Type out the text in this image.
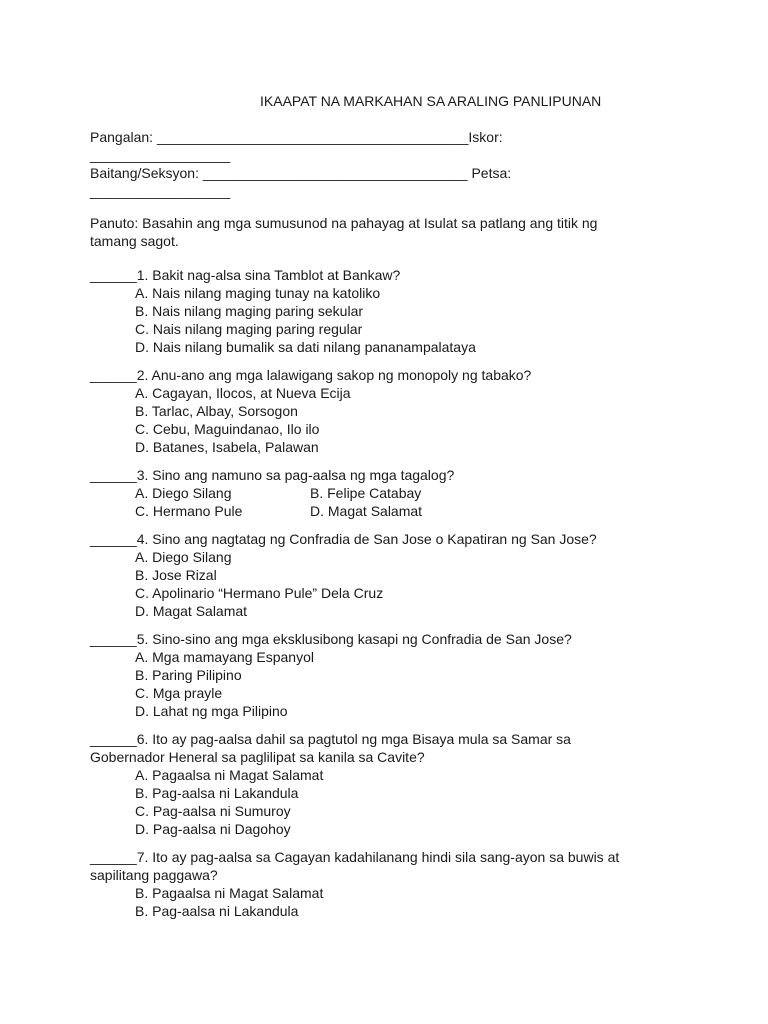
IKAAPAT NA MARKAHAN SA ARALING PANLIPUNAN
Pangalan: ________________________________________Iskor:
__________________
Baitang/Seksyon: __________________________________ Petsa:
__________________
Panuto: Basahin ang mga sumusunod na pahayag at Isulat sa patlang ang titik ng
tamang sagot.
______1. Bakit nag-alsa sina Tamblot at Bankaw?
A. Nais nilang maging tunay na katoliko
B. Nais nilang maging paring sekular
C. Nais nilang maging paring regular
D. Nais nilang bumalik sa dati nilang pananampalataya
______2. Anu-ano ang mga lalawigang sakop ng monopoly ng tabako?
A. Cagayan, Ilocos, at Nueva Ecija
B. Tarlac, Albay, Sorsogon
C. Cebu, Maguindanao, Ilo ilo
D. Batanes, Isabela, Palawan
______3. Sino ang namuno sa pag-aalsa ng mga tagalog?
A. Diego Silang	B. Felipe Catabay
C. Hermano Pule	D. Magat Salamat
______4. Sino ang nagtatag ng Confradia de San Jose o Kapatiran ng San Jose?
A. Diego Silang
B. Jose Rizal
C. Apolinario “Hermano Pule” Dela Cruz
D. Magat Salamat
______5. Sino-sino ang mga eksklusibong kasapi ng Confradia de San Jose?
A. Mga mamayang Espanyol
B. Paring Pilipino
C. Mga prayle
D. Lahat ng mga Pilipino
______6. Ito ay pag-aalsa dahil sa pagtutol ng mga Bisaya mula sa Samar sa
Gobernador Heneral sa paglilipat sa kanila sa Cavite?
A. Pagaalsa ni Magat Salamat
B. Pag-aalsa ni Lakandula
C. Pag-aalsa ni Sumuroy
D. Pag-aalsa ni Dagohoy
______7. Ito ay pag-aalsa sa Cagayan kadahilanang hindi sila sang-ayon sa buwis at
sapilitang paggawa?
B. Pagaalsa ni Magat Salamat
B. Pag-aalsa ni Lakandula
